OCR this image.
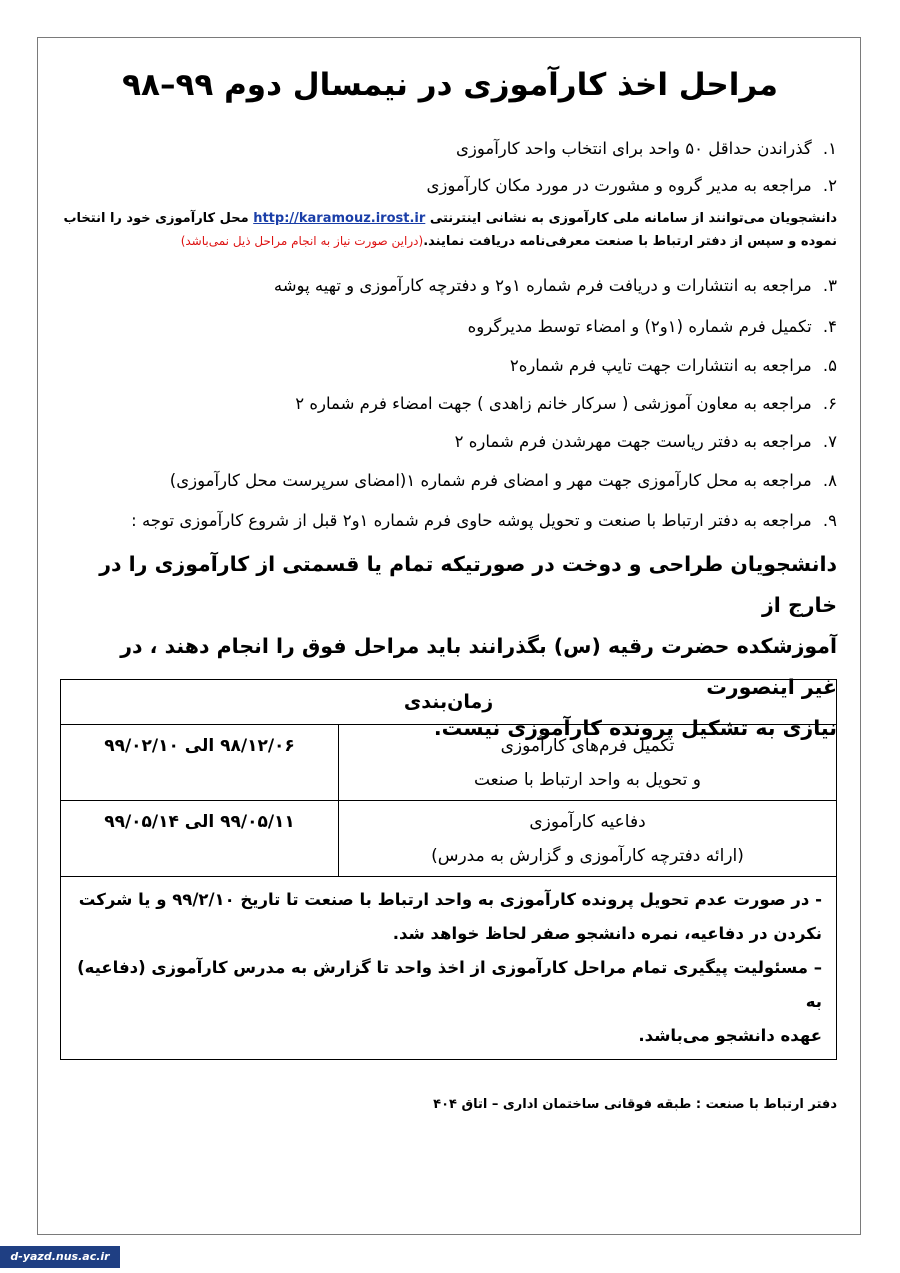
مراحل اخذ کارآموزی در نیمسال دوم ۹۹–۹۸
۱. گذراندن حداقل ۵۰ واحد برای انتخاب واحد کارآموزی
۲. مراجعه به مدیر گروه و مشورت در مورد مکان کارآموزی
دانشجویان می‌توانند از سامانه ملی کارآموزی به نشانی اینترنتی http://karamouz.irost.ir محل کارآموزی خود را انتخاب
نموده و سپس از دفتر ارتباط با صنعت معرفی‌نامه دریافت نمایند.(دراین صورت نیاز به انجام مراحل ذیل نمی‌باشد)
۳. مراجعه به انتشارات و دریافت فرم شماره ۱و۲ و دفترچه کارآموزی و تهیه پوشه
۴. تکمیل فرم شماره (۱و۲) و امضاء توسط مدیرگروه
۵. مراجعه به انتشارات جهت تایپ فرم شماره۲
۶. مراجعه به معاون آموزشی ( سرکار خانم زاهدی ) جهت امضاء فرم شماره ۲
۷. مراجعه به دفتر ریاست جهت مهرشدن فرم شماره ۲
۸. مراجعه به محل کارآموزی جهت مهر و امضای فرم شماره ۱(امضای سرپرست محل کارآموزی)
۹. مراجعه به دفتر ارتباط با صنعت و تحویل پوشه حاوی فرم شماره ۱و۲ قبل از شروع کارآموزی توجه :
دانشجویان طراحی و دوخت در صورتیکه تمام یا قسمتی از کارآموزی را در خارج از
آموزشکده حضرت رقیه (س) بگذرانند باید مراحل فوق را انجام دهند ، در غیر اینصورت
نیازی به تشکیل پرونده کارآموزی نیست.
زمان‌بندی	

تکمیل فرم‌های کارآموزی
و تحویل به واحد ارتباط با صنعت	۹۸/۱۲/۰۶ الی ۹۹/۰۲/۱۰

دفاعیه کارآموزی
(ارائه دفترچه کارآموزی و گزارش به مدرس)	۹۹/۰۵/۱۱ الی ۹۹/۰۵/۱۴

- در صورت عدم تحویل پرونده کارآموزی به واحد ارتباط با صنعت تا تاریخ ۹۹/۲/۱۰ و یا شرکت
نکردن در دفاعیه، نمره دانشجو صفر لحاظ خواهد شد.
– مسئولیت پیگیری تمام مراحل کارآموزی از اخذ واحد تا گزارش به مدرس کارآموزی (دفاعیه) به
عهده دانشجو می‌باشد.	
دفتر ارتباط با صنعت : طبقه فوقانی ساختمان اداری – اتاق ۴۰۴
d-yazd.nus.ac.ir
